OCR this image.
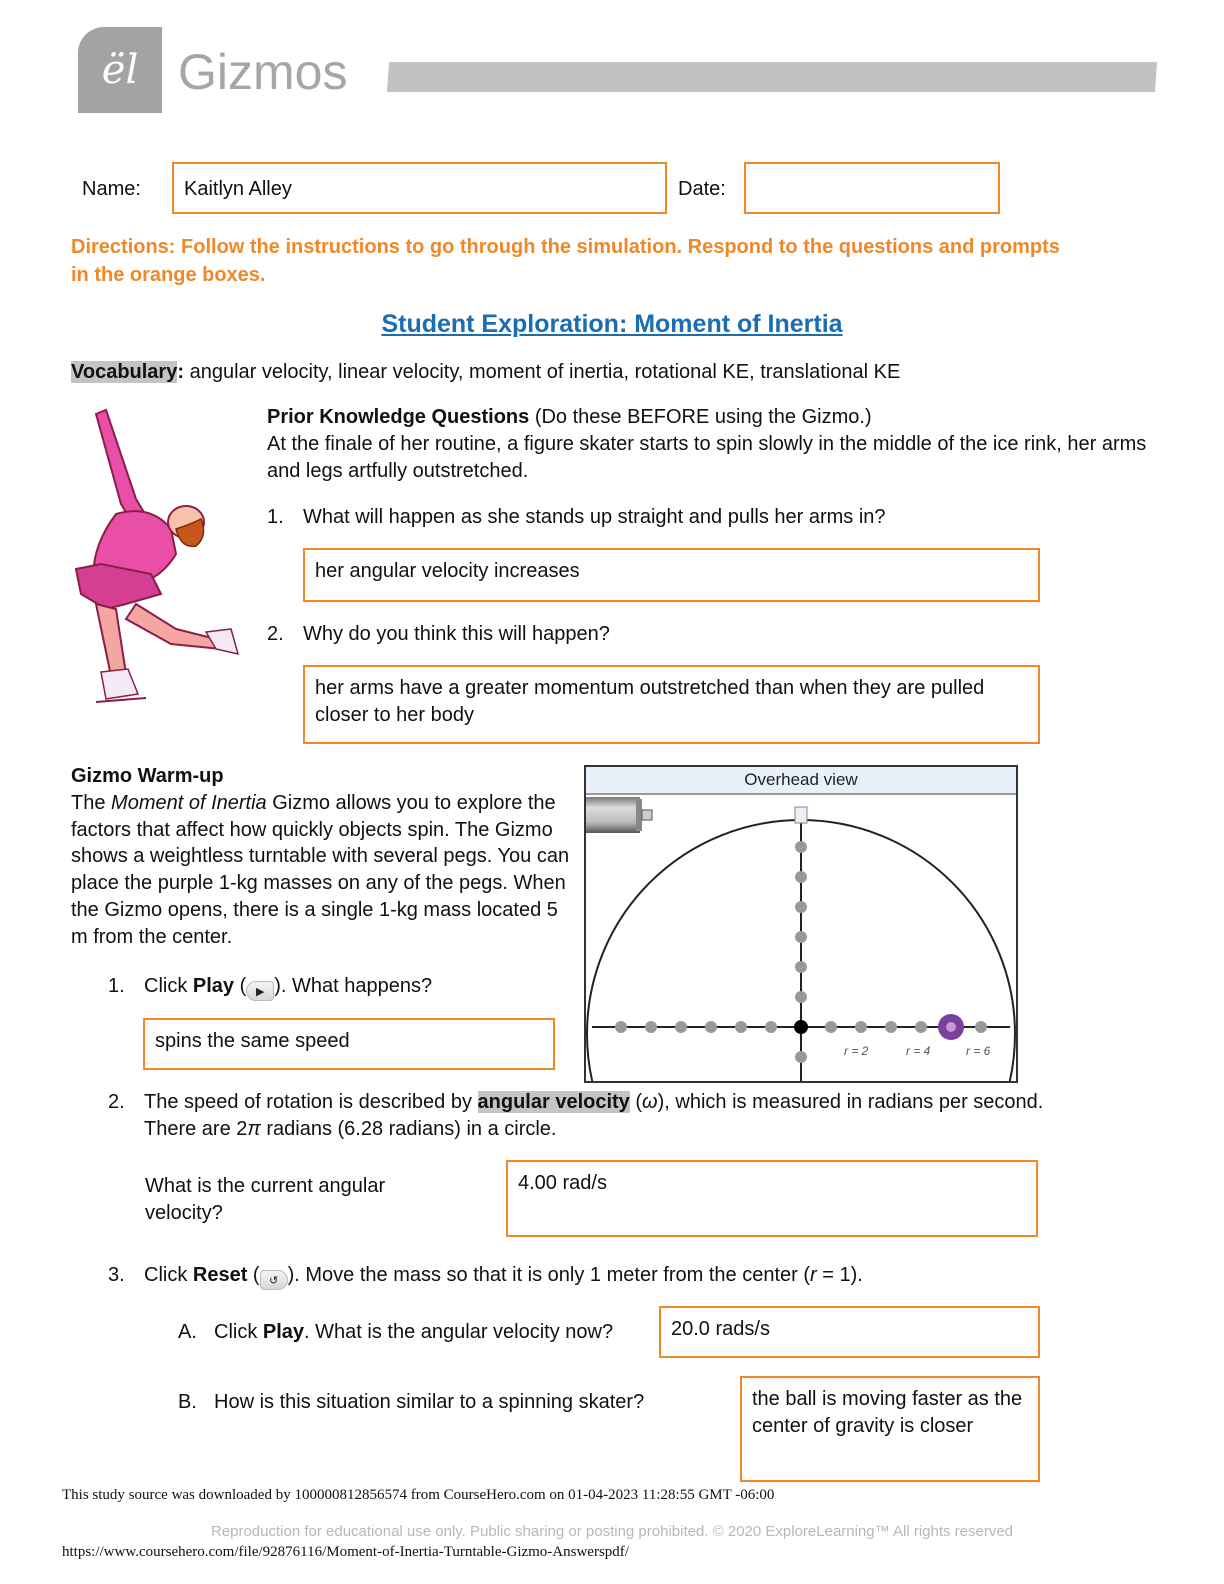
ël Gizmos
Name:	Kaitlyn Alley	Date:
Directions: Follow the instructions to go through the simulation. Respond to the questions and prompts in the orange boxes.
Student Exploration: Moment of Inertia
Vocabulary: angular velocity, linear velocity, moment of inertia, rotational KE, translational KE
Prior Knowledge Questions (Do these BEFORE using the Gizmo.)
At the finale of her routine, a figure skater starts to spin slowly in the middle of the ice rink, her arms and legs artfully outstretched.
1. What will happen as she stands up straight and pulls her arms in?
her angular velocity increases
2. Why do you think this will happen?
her arms have a greater momentum outstretched than when they are pulled closer to her body
Gizmo Warm-up
The Moment of Inertia Gizmo allows you to explore the factors that affect how quickly objects spin. The Gizmo shows a weightless turntable with several pegs. You can place the purple 1-kg masses on any of the pegs. When the Gizmo opens, there is a single 1-kg mass located 5 m from the center.
1. Click Play ( ▶ ). What happens?
spins the same speed	r = 2	r = 4	r = 6
Overhead view
2. The speed of rotation is described by angular velocity (ω), which is measured in radians per second.
There are 2π radians (6.28 radians) in a circle.
What is the current angular velocity?
4.00 rad/s
3. Click Reset ( ↺ ). Move the mass so that it is only 1 meter from the center (r = 1).
A. Click Play. What is the angular velocity now?	20.0 rads/s
B. How is this situation similar to a spinning skater?	the ball is moving faster as the center of gravity is closer
This study source was downloaded by 100000812856574 from CourseHero.com on 01-04-2023 11:28:55 GMT -06:00
Reproduction for educational use only. Public sharing or posting prohibited. © 2020 ExploreLearning™ All rights reserved
https://www.coursehero.com/file/92876116/Moment-of-Inertia-Turntable-Gizmo-Answerspdf/
